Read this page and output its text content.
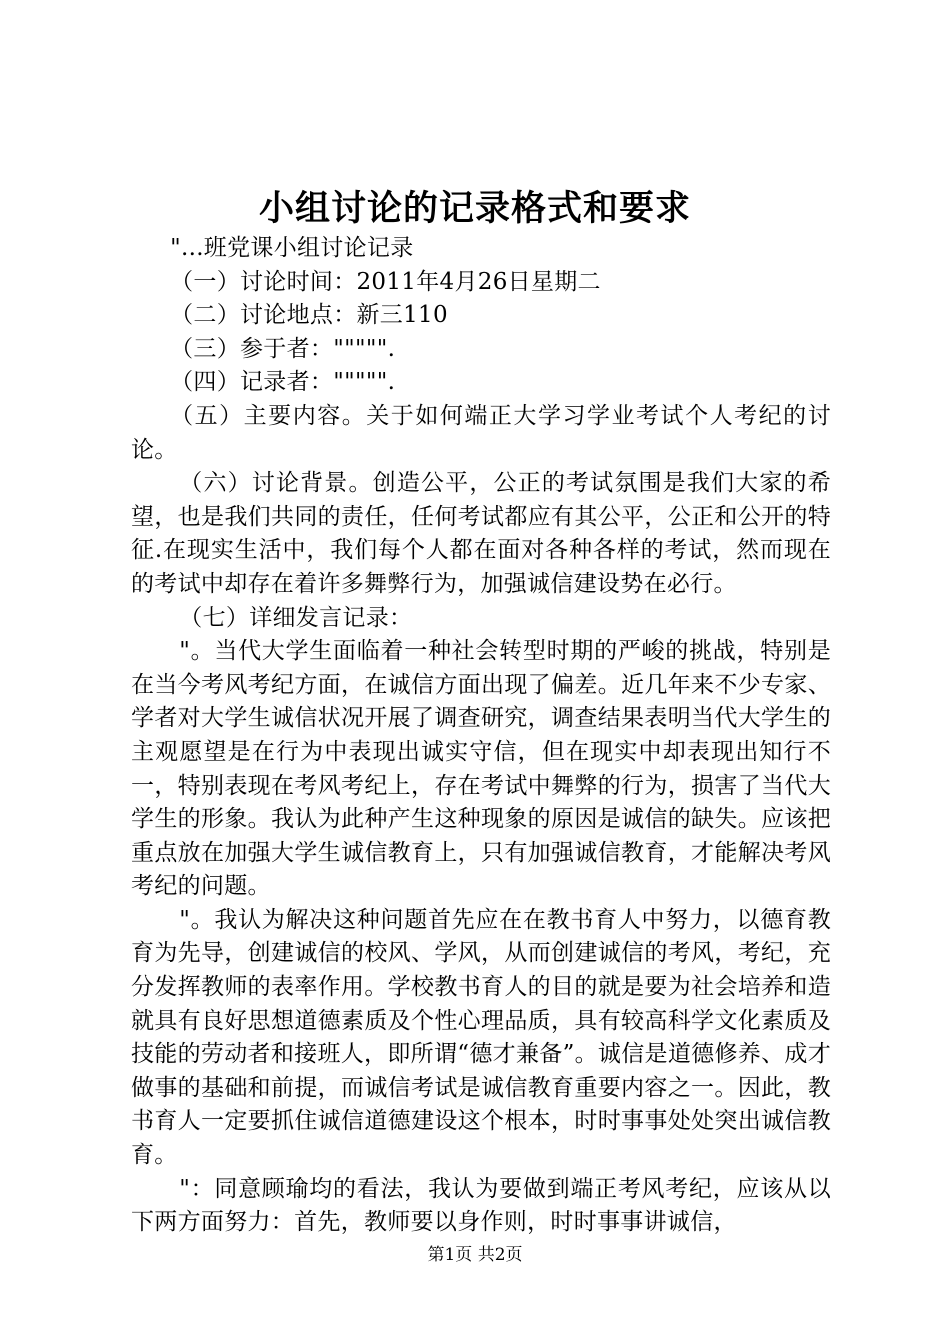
小组讨论的记录格式和要求

"...班党课小组讨论记录

（一）讨论时间：2011年4月26日星期二

（二）讨论地点：新三110

（三）参于者：""""".

（四）记录者：""""".

（五）主要内容。关于如何端正大学习学业考试个人考纪的讨论。

（六）讨论背景。创造公平，公正的考试氛围是我们大家的希望，也是我们共同的责任，任何考试都应有其公平，公正和公开的特征.在现实生活中，我们每个人都在面对各种各样的考试，然而现在的考试中却存在着许多舞弊行为，加强诚信建设势在必行。

（七）详细发言记录：

"。当代大学生面临着一种社会转型时期的严峻的挑战，特别是在当今考风考纪方面，在诚信方面出现了偏差。近几年来不少专家、学者对大学生诚信状况开展了调查研究，调查结果表明当代大学生的主观愿望是在行为中表现出诚实守信，但在现实中却表现出知行不一，特别表现在考风考纪上，存在考试中舞弊的行为，损害了当代大学生的形象。我认为此种产生这种现象的原因是诚信的缺失。应该把重点放在加强大学生诚信教育上，只有加强诚信教育，才能解决考风考纪的问题。

"。我认为解决这种问题首先应在在教书育人中努力，以德育教育为先导，创建诚信的校风、学风，从而创建诚信的考风，考纪，充分发挥教师的表率作用。学校教书育人的目的就是要为社会培养和造就具有良好思想道德素质及个性心理品质，具有较高科学文化素质及技能的劳动者和接班人，即所谓“德才兼备”。诚信是道德修养、成才做事的基础和前提，而诚信考试是诚信教育重要内容之一。因此，教书育人一定要抓住诚信道德建设这个根本，时时事事处处突出诚信教育。

"：同意顾瑜均的看法，我认为要做到端正考风考纪，应该从以下两方面努力：首先，教师要以身作则，时时事事讲诚信，

第1页 共2页
